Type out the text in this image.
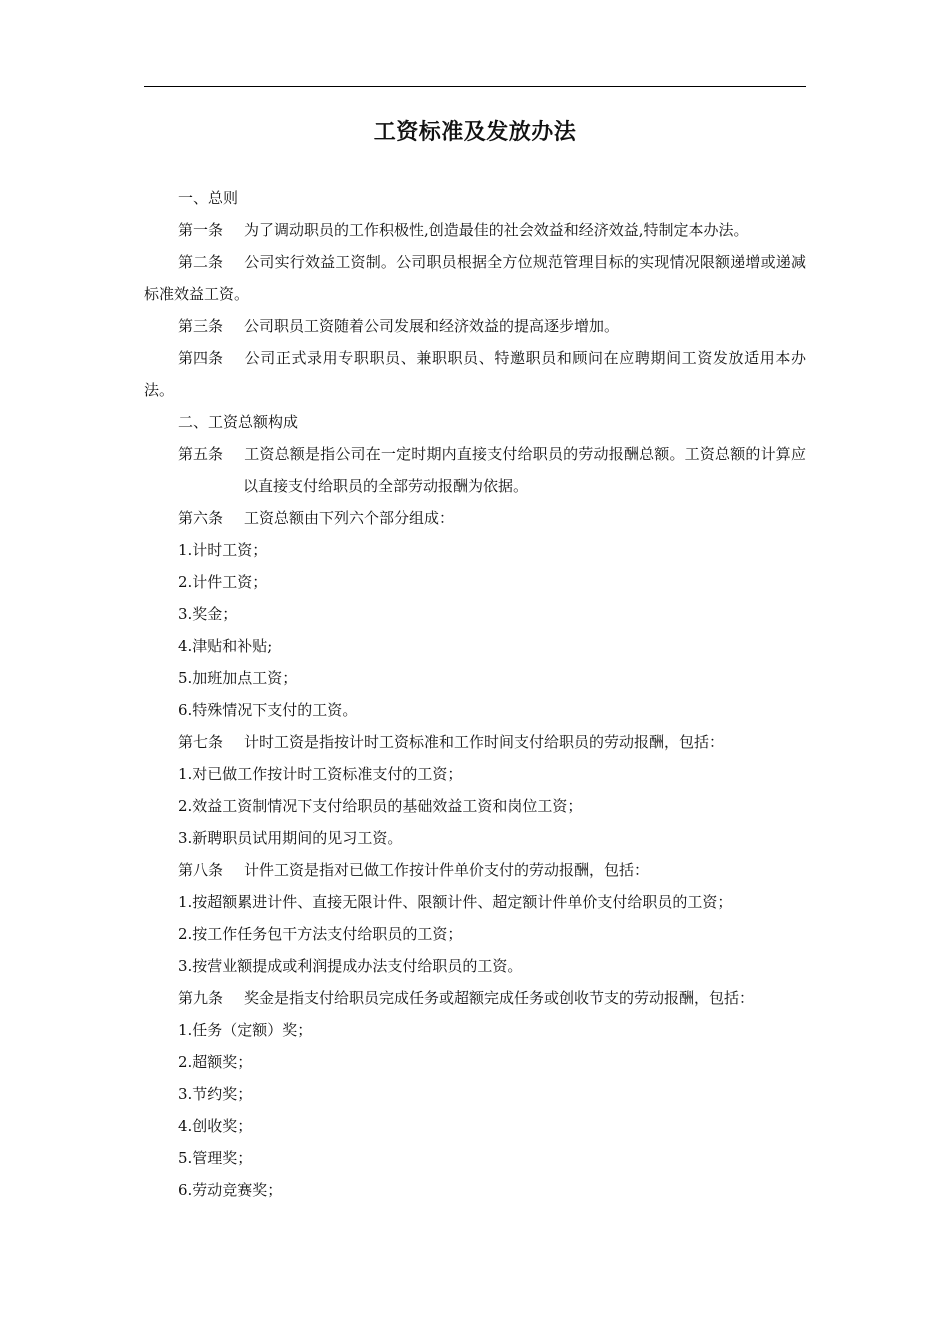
工资标准及发放办法

一、总则

第一条 为了调动职员的工作积极性,创造最佳的社会效益和经济效益,特制定本办法。

第二条 公司实行效益工资制。公司职员根据全方位规范管理目标的实现情况限额递增或递减标准效益工资。

第三条 公司职员工资随着公司发展和经济效益的提高逐步增加。

第四条 公司正式录用专职职员、兼职职员、特邀职员和顾问在应聘期间工资发放适用本办法。

二、工资总额构成

第五条 工资总额是指公司在一定时期内直接支付给职员的劳动报酬总额。工资总额的计算应以直接支付给职员的全部劳动报酬为依据。

第六条 工资总额由下列六个部分组成：

1.计时工资；

2.计件工资；

3.奖金；

4.津贴和补贴;

5.加班加点工资；

6.特殊情况下支付的工资。

第七条 计时工资是指按计时工资标准和工作时间支付给职员的劳动报酬，包括：

1.对已做工作按计时工资标准支付的工资；

2.效益工资制情况下支付给职员的基础效益工资和岗位工资；

3.新聘职员试用期间的见习工资。

第八条 计件工资是指对已做工作按计件单价支付的劳动报酬，包括：

1.按超额累进计件、直接无限计件、限额计件、超定额计件单价支付给职员的工资；

2.按工作任务包干方法支付给职员的工资；

3.按营业额提成或利润提成办法支付给职员的工资。

第九条 奖金是指支付给职员完成任务或超额完成任务或创收节支的劳动报酬，包括：

1.任务（定额）奖；

2.超额奖；

3.节约奖；

4.创收奖；

5.管理奖；

6.劳动竞赛奖；
